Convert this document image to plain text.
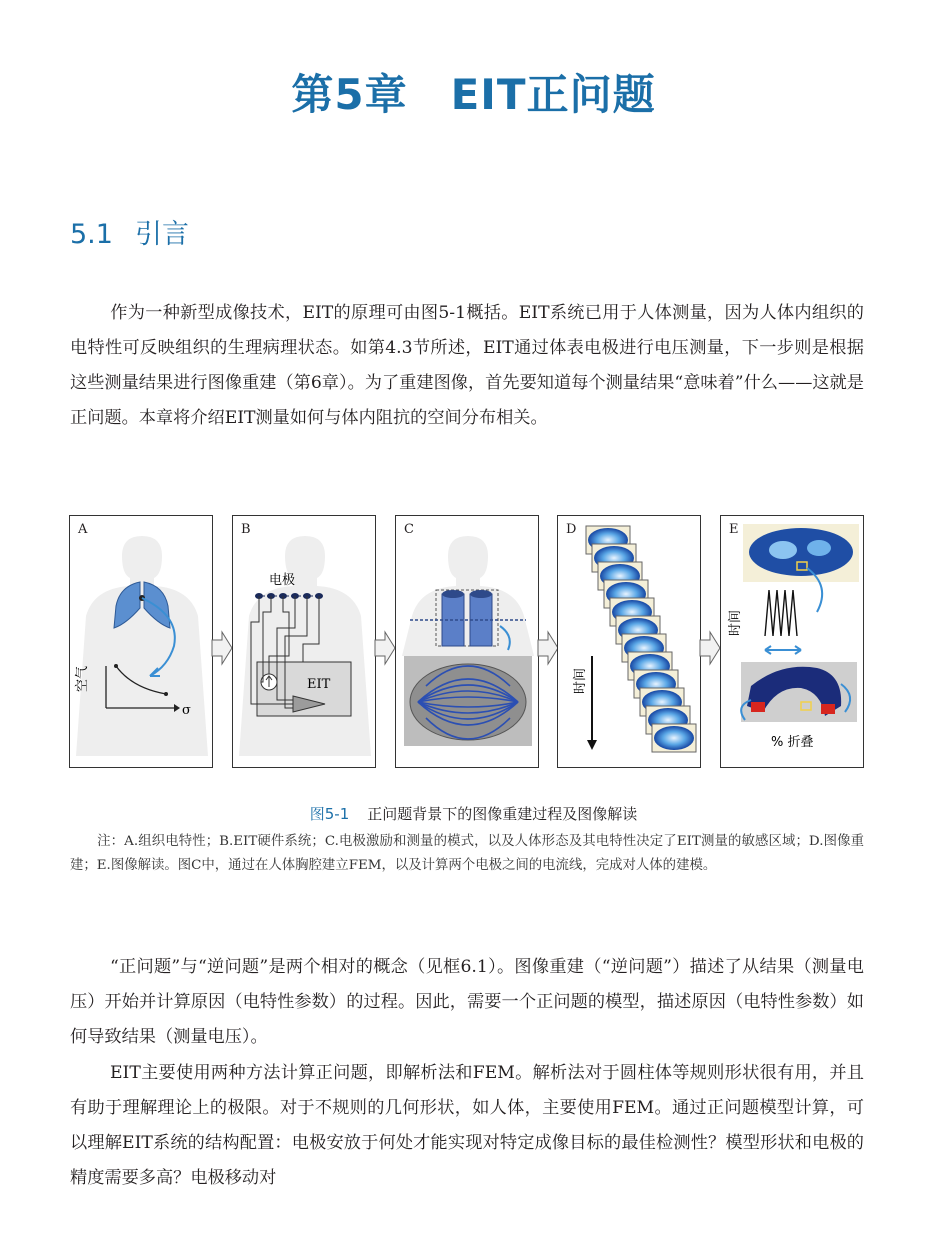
第5章　EIT正问题
5.1 引言

作为一种新型成像技术，EIT的原理可由图5-1概括。EIT系统已用于人体测量，因为人体内组织的电特性可反映组织的生理病理状态。如第4.3节所述，EIT通过体表电极进行电压测量，下一步则是根据这些测量结果进行图像重建（第6章）。为了重建图像，首先要知道每个测量结果“意味着”什么——这就是正问题。本章将介绍EIT测量如何与体内阻抗的空间分布相关。

空气
σ
A
电极
EIT
B	C
时间
D
时间
% 折叠
E
图5-1 正问题背景下的图像重建过程及图像解读

注：A.组织电特性；B.EIT硬件系统；C.电极激励和测量的模式，以及人体形态及其电特性决定了EIT测量的敏感区域；D.图像重建；E.图像解读。图C中，通过在人体胸腔建立FEM，以及计算两个电极之间的电流线，完成对人体的建模。

“正问题”与“逆问题”是两个相对的概念（见框6.1）。图像重建（“逆问题”）描述了从结果（测量电压）开始并计算原因（电特性参数）的过程。因此，需要一个正问题的模型，描述原因（电特性参数）如何导致结果（测量电压）。

EIT主要使用两种方法计算正问题，即解析法和FEM。解析法对于圆柱体等规则形状很有用，并且有助于理解理论上的极限。对于不规则的几何形状，如人体，主要使用FEM。通过正问题模型计算，可以理解EIT系统的结构配置：电极安放于何处才能实现对特定成像目标的最佳检测性？模型形状和电极的精度需要多高？电极移动对
